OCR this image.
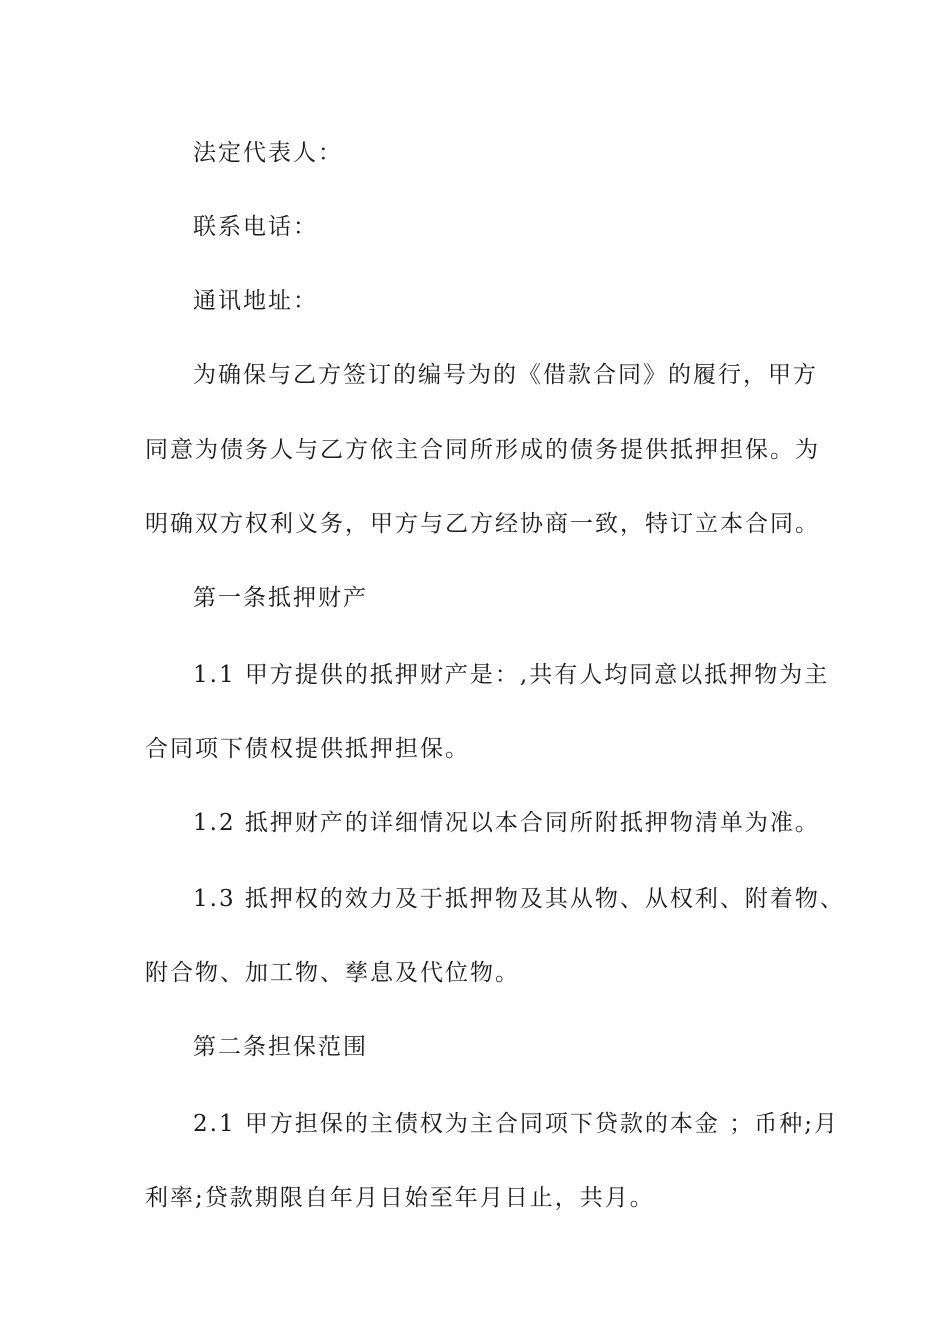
法定代表人：
联系电话：
通讯地址：
为确保与乙方签订的编号为的《借款合同》的履行，甲方
同意为债务人与乙方依主合同所形成的债务提供抵押担保。为
明确双方权利义务，甲方与乙方经协商一致，特订立本合同。
第一条抵押财产
1.1 甲方提供的抵押财产是：,共有人均同意以抵押物为主
合同项下债权提供抵押担保。
1.2 抵押财产的详细情况以本合同所附抵押物清单为准。
1.3 抵押权的效力及于抵押物及其从物、从权利、附着物、
附合物、加工物、孳息及代位物。
第二条担保范围
2.1 甲方担保的主债权为主合同项下贷款的本金 ；币种;月
利率;贷款期限自年月日始至年月日止，共月。
